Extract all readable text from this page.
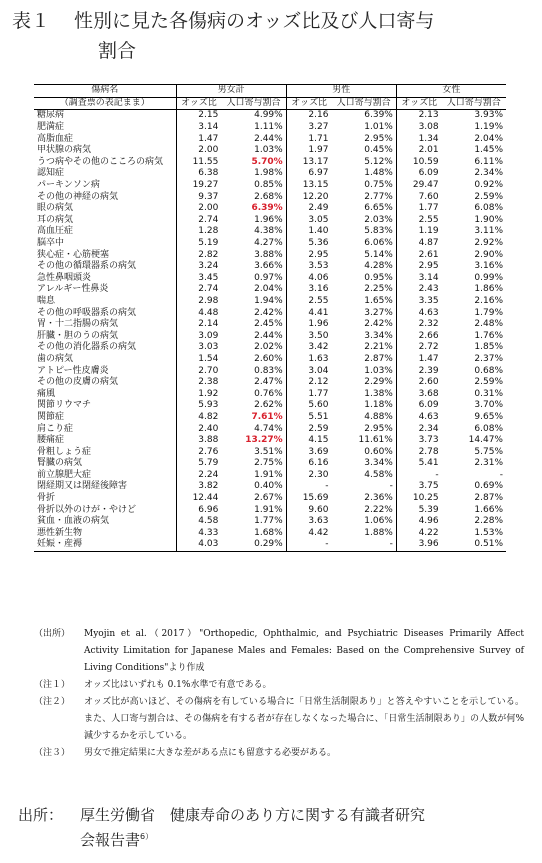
表１ 性別に見た各傷病のオッズ比及び人口寄与
割合
傷病名	男女計		男性		女性	
（調査票の表記まま）	オッズ比	人口寄与割合	オッズ比	人口寄与割合	オッズ比	人口寄与割合
糖尿病	2.15	4.99%	2.16	6.39%	2.13	3.93%
肥満症	3.14	1.11%	3.27	1.01%	3.08	1.19%
高脂血症	1.47	2.44%	1.71	2.95%	1.34	2.04%
甲状腺の病気	2.00	1.03%	1.97	0.45%	2.01	1.45%
うつ病やその他のこころの病気	11.55	5.70%	13.17	5.12%	10.59	6.11%
認知症	6.38	1.98%	6.97	1.48%	6.09	2.34%
パーキンソン病	19.27	0.85%	13.15	0.75%	29.47	0.92%
その他の神経の病気	9.37	2.68%	12.20	2.77%	7.60	2.59%
眼の病気	2.00	6.39%	2.49	6.65%	1.77	6.08%
耳の病気	2.74	1.96%	3.05	2.03%	2.55	1.90%
高血圧症	1.28	4.38%	1.40	5.83%	1.19	3.11%
脳卒中	5.19	4.27%	5.36	6.06%	4.87	2.92%
狭心症・心筋梗塞	2.82	3.88%	2.95	5.14%	2.61	2.90%
その他の循環器系の病気	3.24	3.66%	3.53	4.28%	2.95	3.16%
急性鼻咽頭炎	3.45	0.97%	4.06	0.95%	3.14	0.99%
アレルギー性鼻炎	2.74	2.04%	3.16	2.25%	2.43	1.86%
喘息	2.98	1.94%	2.55	1.65%	3.35	2.16%
その他の呼吸器系の病気	4.48	2.42%	4.41	3.27%	4.63	1.79%
胃・十二指腸の病気	2.14	2.45%	1.96	2.42%	2.32	2.48%
肝臓・胆のうの病気	3.09	2.44%	3.50	3.34%	2.66	1.76%
その他の消化器系の病気	3.03	2.02%	3.42	2.21%	2.72	1.85%
歯の病気	1.54	2.60%	1.63	2.87%	1.47	2.37%
アトピー性皮膚炎	2.70	0.83%	3.04	1.03%	2.39	0.68%
その他の皮膚の病気	2.38	2.47%	2.12	2.29%	2.60	2.59%
痛風	1.92	0.76%	1.77	1.38%	3.68	0.31%
関節リウマチ	5.93	2.62%	5.60	1.18%	6.09	3.70%
関節症	4.82	7.61%	5.51	4.88%	4.63	9.65%
肩こり症	2.40	4.74%	2.59	2.95%	2.34	6.08%
腰痛症	3.88	13.27%	4.15	11.61%	3.73	14.47%
骨粗しょう症	2.76	3.51%	3.69	0.60%	2.78	5.75%
腎臓の病気	5.79	2.75%	6.16	3.34%	5.41	2.31%
前立腺肥大症	2.24	1.91%	2.30	4.58%	-	-
閉経期又は閉経後障害	3.82	0.40%	-	-	3.75	0.69%
骨折	12.44	2.67%	15.69	2.36%	10.25	2.87%
骨折以外のけが・やけど	6.96	1.91%	9.60	2.22%	5.39	1.66%
貧血・血液の病気	4.58	1.77%	3.63	1.06%	4.96	2.28%
悪性新生物	4.33	1.68%	4.42	1.88%	4.22	1.53%
妊娠・産褥	4.03	0.29%	-	-	3.96	0.51%
（出所）	Myojin et al.（2017）"Orthopedic, Ophthalmic, and Psychiatric Diseases Primarily Affect Activity Limitation for Japanese Males and Females: Based on the Comprehensive Survey of Living Conditions"より作成
（注１）	オッズ比はいずれも 0.1%水準で有意である。
（注２）	オッズ比が高いほど、その傷病を有している場合に「日常生活制限あり」と答えやすいことを示している。また、人口寄与割合は、その傷病を有する者が存在しなくなった場合に、「日常生活制限あり」の人数が何%減少するかを示している。
（注３）	男女で推定結果に大きな差がある点にも留意する必要がある。
出所： 厚生労働省　健康寿命のあり方に関する有識者研究
会報告書$^{6)}$
